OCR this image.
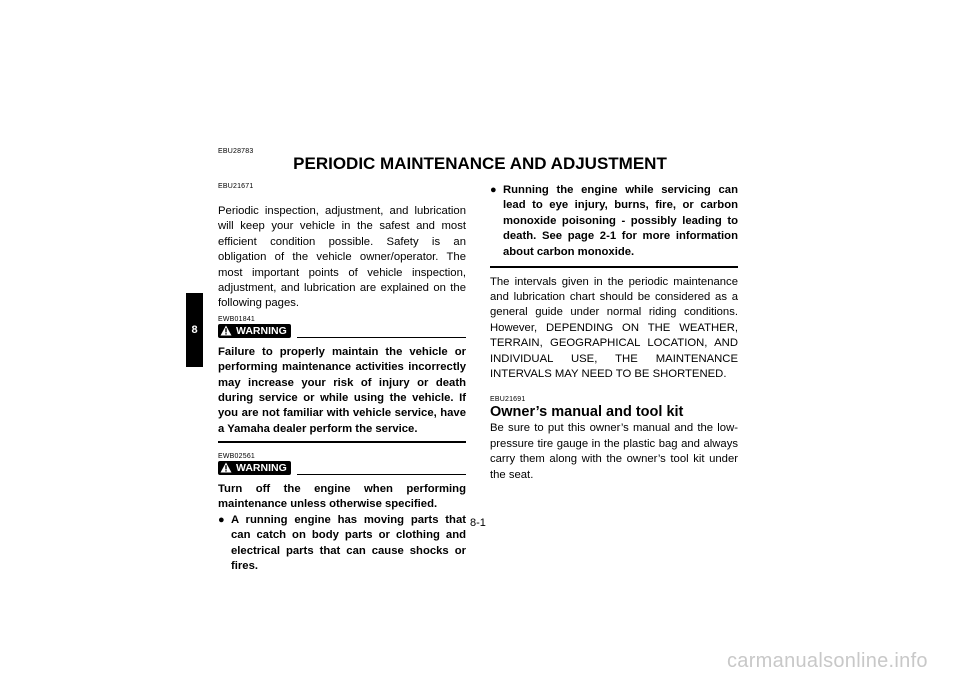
8
EBU28783
PERIODIC MAINTENANCE AND ADJUSTMENT
EBU21671
Periodic inspection, adjustment, and lubrication will keep your vehicle in the safest and most efficient condition possible. Safety is an obligation of the vehicle owner/operator. The most important points of vehicle inspection, adjustment, and lubrication are explained on the following pages.
EWB01841
WARNING
Failure to properly maintain the vehicle or performing maintenance activities incorrectly may increase your risk of injury or death during service or while using the vehicle. If you are not familiar with vehicle service, have a Yamaha dealer perform the service.
EWB02561
WARNING
Turn off the engine when performing maintenance unless otherwise specified.
● A running engine has moving parts that can catch on body parts or clothing and electrical parts that can cause shocks or fires.
● Running the engine while servicing can lead to eye injury, burns, fire, or carbon monoxide poisoning - possibly leading to death. See page 2-1 for more information about carbon monoxide.
The intervals given in the periodic maintenance and lubrication chart should be considered as a general guide under normal riding conditions. However, DEPENDING ON THE WEATHER, TERRAIN, GEOGRAPHICAL LOCATION, AND INDIVIDUAL USE, THE MAINTENANCE INTERVALS MAY NEED TO BE SHORTENED.
EBU21691
Owner’s manual and tool kit
Be sure to put this owner’s manual and the low-pressure tire gauge in the plastic bag and always carry them along with the owner’s tool kit under the seat.
8-1
carmanualsonline.info
